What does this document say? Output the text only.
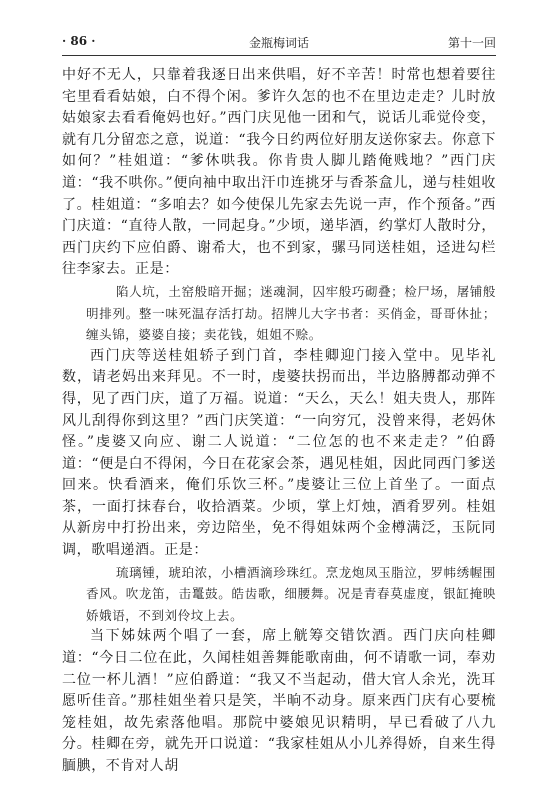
· 86 ·	金瓶梅词话	第十一回

中好不无人，只靠着我逐日出来供唱，好不辛苦！时常也想着要往宅里看看姑娘，白不得个闲。爹许久怎的也不在里边走走？儿时放姑娘家去看看俺妈也好。”西门庆见他一团和气，说话儿乖觉伶变，就有几分留恋之意，说道：“我今日约两位好朋友送你家去。你意下如何？”桂姐道：“爹休哄我。你肯贵人脚儿踏俺贱地？”西门庆道：“我不哄你。”便向袖中取出汗巾连挑牙与香茶盒儿，递与桂姐收了。桂姐道：“多咱去？如今使保儿先家去先说一声，作个预备。”西门庆道：“直待人散，一同起身。”少顷，递毕酒，约掌灯人散时分，西门庆约下应伯爵、谢希大，也不到家，骡马同送桂姐，迳进勾栏往李家去。正是：

陷人坑，土窑般暗开掘；迷魂洞，囚牢般巧砌叠；检尸场，屠铺般明排列。整一味死温存活打劫。招牌儿大字书者：买俏金，哥哥休扯；缠头锦，婆婆自接；卖花钱，姐姐不赊。

西门庆等送桂姐轿子到门首，李桂卿迎门接入堂中。见毕礼数，请老妈出来拜见。不一时，虔婆扶拐而出，半边胳膊都动弹不得，见了西门庆，道了万福。说道：“天么，天么！姐夫贵人，那阵风儿刮得你到这里？”西门庆笑道：“一向穷冗，没曾来得，老妈休怪。”虔婆又向应、谢二人说道：“二位怎的也不来走走？”伯爵道：“便是白不得闲，今日在花家会茶，遇见桂姐，因此同西门爹送回来。快看酒来，俺们乐饮三杯。”虔婆让三位上首坐了。一面点茶，一面打抹春台，收拾酒菜。少顷，掌上灯烛，酒肴罗列。桂姐从新房中打扮出来，旁边陪坐，免不得姐妹两个金樽满泛，玉阮同调，歌唱递酒。正是：

琉璃锺，琥珀浓，小槽酒滴珍珠红。烹龙炮凤玉脂泣，罗帏绣幄围香风。吹龙笛，击鼍鼓。皓齿歌，细腰舞。况是青春莫虚度，银缸掩映娇娥语，不到刘伶坟上去。

当下姊妹两个唱了一套，席上觥筹交错饮酒。西门庆向桂卿道：“今日二位在此，久闻桂姐善舞能歌南曲，何不请歌一词，奉劝二位一杯儿酒！”应伯爵道：“我又不当起动，借大官人余光，洗耳愿听佳音。”那桂姐坐着只是笑，半晌不动身。原来西门庆有心要梳笼桂姐，故先索落他唱。那院中婆娘见识精明，早已看破了八九分。桂卿在旁，就先开口说道：“我家桂姐从小儿养得娇，自来生得腼腆，不肯对人胡
